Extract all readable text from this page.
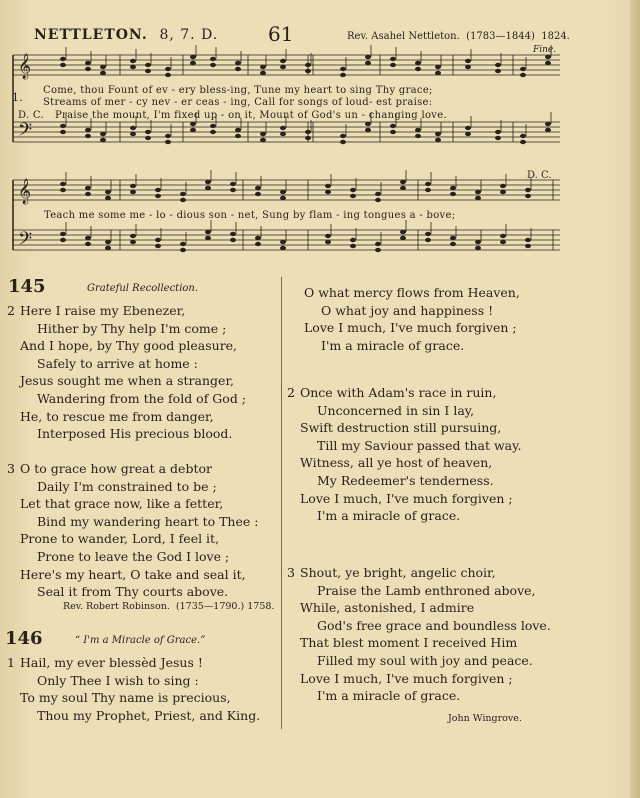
NETTLETON. 8, 7. D. 61	Rev. Asahel Nettleton. (1783—1844) 1824.
Fine.
D. C.
𝄞
𝄢
𝄞
𝄢
1.
Come, thou Fount of ev - ery bless-ing, Tune my heart to sing Thy grace;
Streams of mer - cy nev - er ceas - ing, Call for songs of loud- est praise:
D. C. Praise the mount, I'm fixed up - on it, Mount of God's un - changing love.
Teach me some me - lo - dious son - net, Sung by flam - ing tongues a - bove;
145	Grateful Recollection.
2 Here I raise my Ebenezer,
Hither by Thy help I'm come ;
And I hope, by Thy good pleasure,
Safely to arrive at home :
Jesus sought me when a stranger,
Wandering from the fold of God ;
He, to rescue me from danger,
Interposed His precious blood.
3 O to grace how great a debtor
Daily I'm constrained to be ;
Let that grace now, like a fetter,
Bind my wandering heart to Thee :
Prone to wander, Lord, I feel it,
Prone to leave the God I love ;
Here's my heart, O take and seal it,
Seal it from Thy courts above.
Rev. Robert Robinson. (1735—1790.) 1758.
146	“ I'm a Miracle of Grace.”
1 Hail, my ever blessèd Jesus !
Only Thee I wish to sing :
To my soul Thy name is precious,
Thou my Prophet, Priest, and King.
O what mercy flows from Heaven,
O what joy and happiness !
Love I much, I've much forgiven ;
I'm a miracle of grace.
2 Once with Adam's race in ruin,
Unconcerned in sin I lay,
Swift destruction still pursuing,
Till my Saviour passed that way.
Witness, all ye host of heaven,
My Redeemer's tenderness.
Love I much, I've much forgiven ;
I'm a miracle of grace.
3 Shout, ye bright, angelic choir,
Praise the Lamb enthroned above,
While, astonished, I admire
God's free grace and boundless love.
That blest moment I received Him
Filled my soul with joy and peace.
Love I much, I've much forgiven ;
I'm a miracle of grace.
John Wingrove.
